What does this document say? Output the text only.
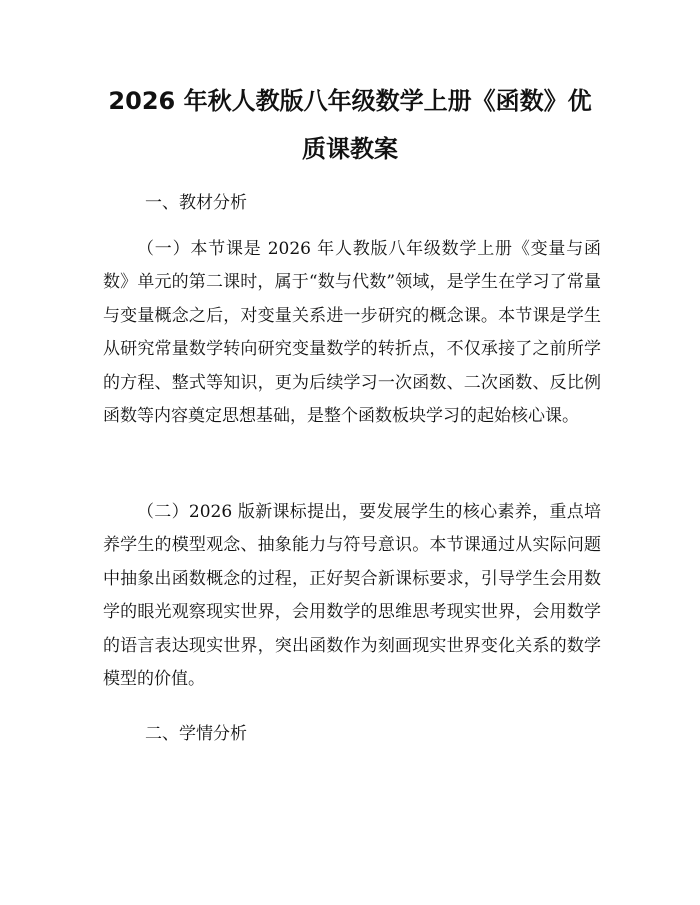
2026 年秋人教版八年级数学上册《函数》优
质课教案
一、教材分析

（一）本节课是 2026 年人教版八年级数学上册《变量与函数》单元的第二课时，属于“数与代数”领域，是学生在学习了常量与变量概念之后，对变量关系进一步研究的概念课。本节课是学生从研究常量数学转向研究变量数学的转折点，不仅承接了之前所学的方程、整式等知识，更为后续学习一次函数、二次函数、反比例函数等内容奠定思想基础，是整个函数板块学习的起始核心课。

（二）2026 版新课标提出，要发展学生的核心素养，重点培养学生的模型观念、抽象能力与符号意识。本节课通过从实际问题中抽象出函数概念的过程，正好契合新课标要求，引导学生会用数学的眼光观察现实世界，会用数学的思维思考现实世界，会用数学的语言表达现实世界，突出函数作为刻画现实世界变化关系的数学模型的价值。

二、学情分析
